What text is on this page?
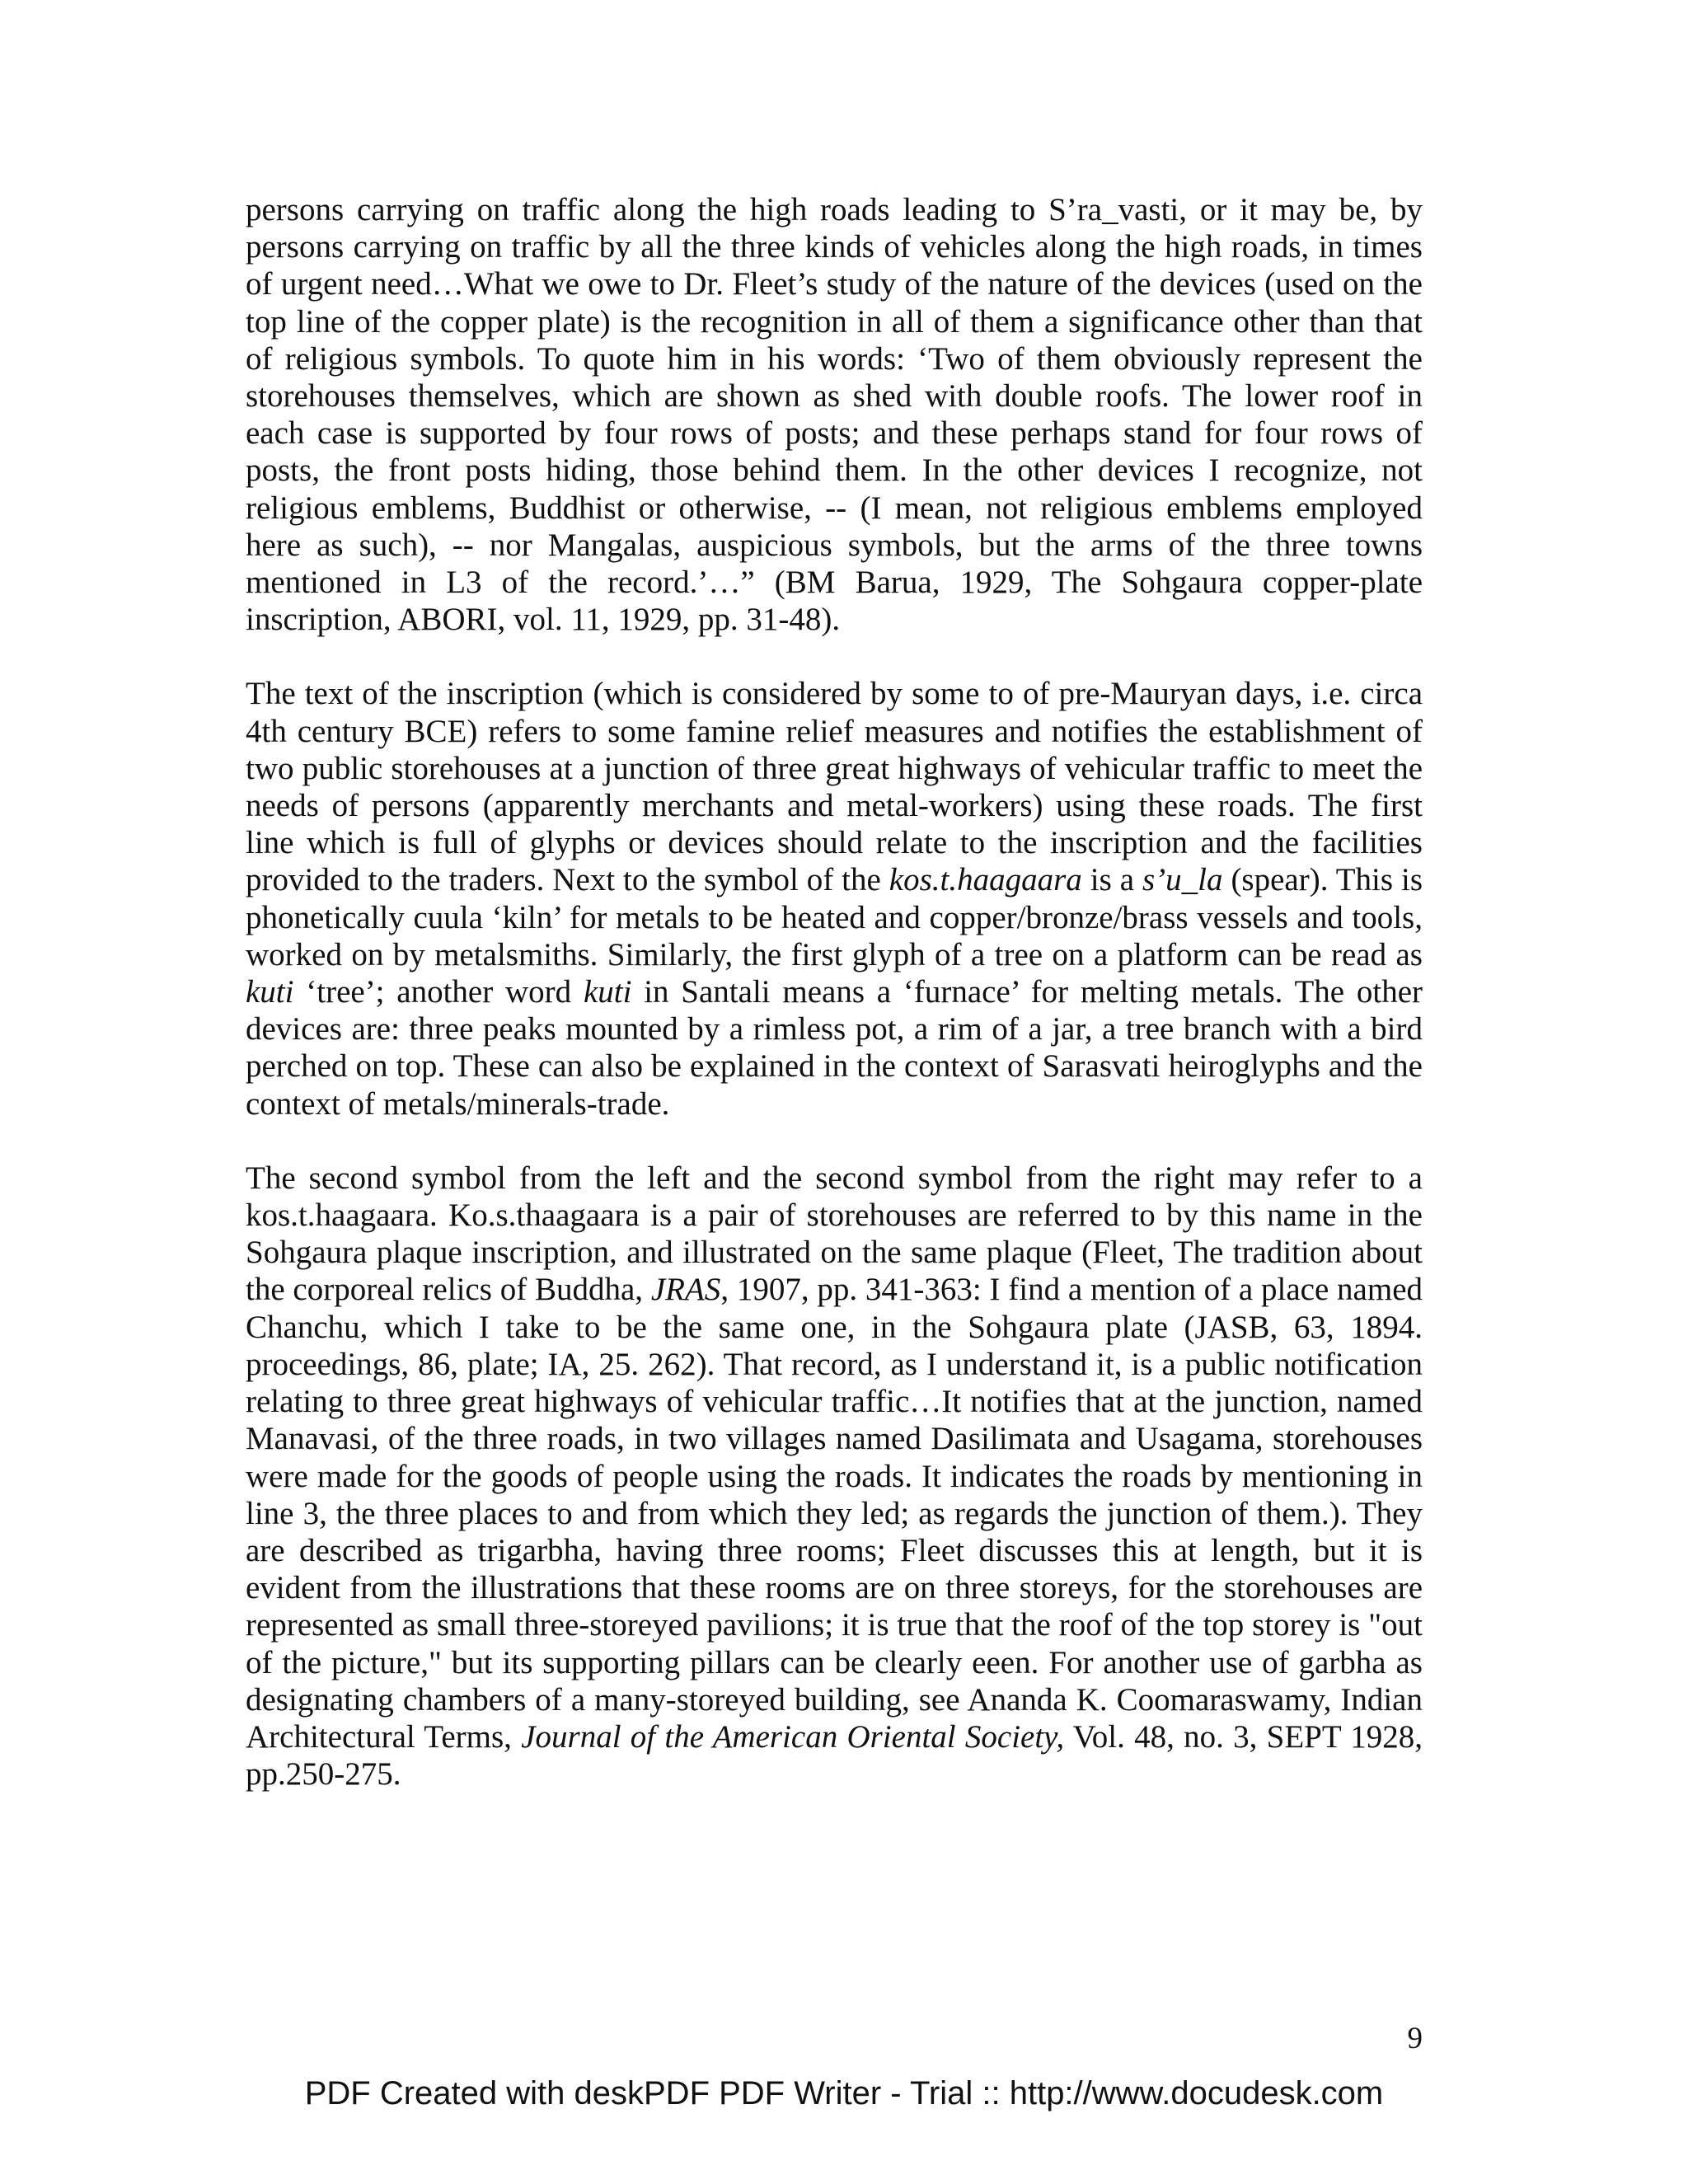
persons carrying on traffic along the high roads leading to S’ra_vasti, or it may be, by persons carrying on traffic by all the three kinds of vehicles along the high roads, in times of urgent need…What we owe to Dr. Fleet’s study of the nature of the devices (used on the top line of the copper plate) is the recognition in all of them a significance other than that of religious symbols. To quote him in his words: ‘Two of them obviously represent the storehouses themselves, which are shown as shed with double roofs. The lower roof in each case is supported by four rows of posts; and these perhaps stand for four rows of posts, the front posts hiding, those behind them. In the other devices I recognize, not religious emblems, Buddhist or otherwise, -- (I mean, not religious emblems employed here as such), -- nor Mangalas, auspicious symbols, but the arms of the three towns mentioned in L3 of the record.’…” (BM Barua, 1929, The Sohgaura copper-plate inscription, ABORI, vol. 11, 1929, pp. 31-48).

The text of the inscription (which is considered by some to of pre-Mauryan days, i.e. circa 4th century BCE) refers to some famine relief measures and notifies the establishment of two public storehouses at a junction of three great highways of vehicular traffic to meet the needs of persons (apparently merchants and metal-workers) using these roads. The first line which is full of glyphs or devices should relate to the inscription and the facilities provided to the traders. Next to the symbol of the kos.t.haagaara is a s’u_la (spear). This is phonetically cuula ‘kiln’ for metals to be heated and copper/bronze/brass vessels and tools, worked on by metalsmiths. Similarly, the first glyph of a tree on a platform can be read as kuti ‘tree’; another word kuti in Santali means a ‘furnace’ for melting metals. The other devices are: three peaks mounted by a rimless pot, a rim of a jar, a tree branch with a bird perched on top. These can also be explained in the context of Sarasvati heiroglyphs and the context of metals/minerals-trade.

The second symbol from the left and the second symbol from the right may refer to a kos.t.haagaara. Ko.s.thaagaara is a pair of storehouses are referred to by this name in the Sohgaura plaque inscription, and illustrated on the same plaque (Fleet, The tradition about the corporeal relics of Buddha, JRAS, 1907, pp. 341-363: I find a mention of a place named Chanchu, which I take to be the same one, in the Sohgaura plate (JASB, 63, 1894. proceedings, 86, plate; IA, 25. 262). That record, as I understand it, is a public notification relating to three great highways of vehicular traffic…It notifies that at the junction, named Manavasi, of the three roads, in two villages named Dasilimata and Usagama, storehouses were made for the goods of people using the roads. It indicates the roads by mentioning in line 3, the three places to and from which they led; as regards the junction of them.). They are described as trigarbha, having three rooms; Fleet discusses this at length, but it is evident from the illustrations that these rooms are on three storeys, for the storehouses are represented as small three-storeyed pavilions; it is true that the roof of the top storey is "out of the picture," but its supporting pillars can be clearly eeen. For another use of garbha as designating chambers of a many-storeyed building, see Ananda K. Coomaraswamy, Indian Architectural Terms, Journal of the American Oriental Society, Vol. 48, no. 3, SEPT 1928, pp.250-275.

9
PDF Created with deskPDF PDF Writer - Trial :: http://www.docudesk.com
